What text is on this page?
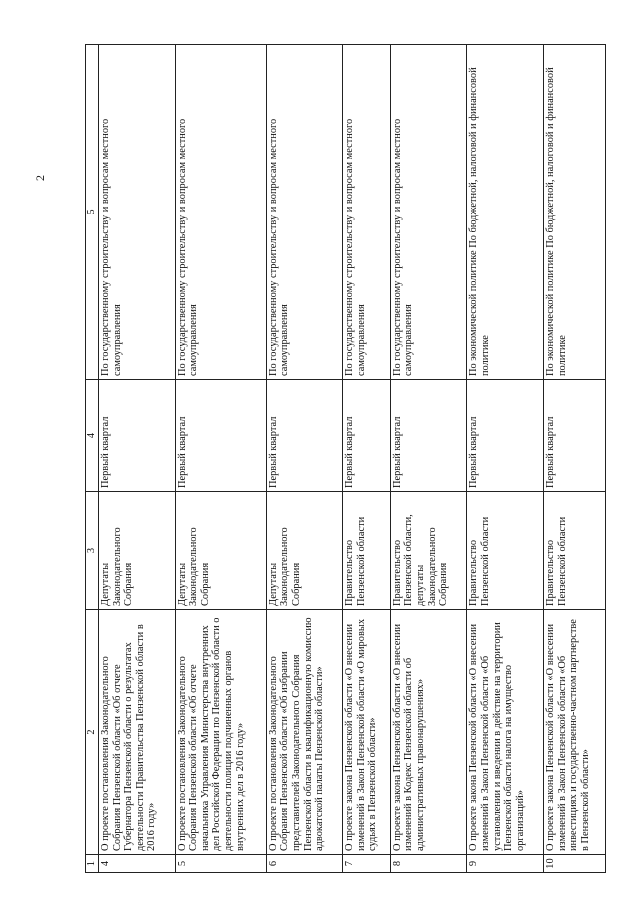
2
1	2	3	4	5
4	О проекте постановления Законодательного Собрания Пензенской области «Об отчете Губернатора Пензенской области о результатах деятельности Правительства Пензенской области в 2016 году»	Депутаты Законодательного Собрания	Первый квартал	По государственному строительству и вопросам местного самоуправления
5	О проекте постановления Законодательного Собрания Пензенской области «Об отчете начальника Управления Министерства внутренних дел Российской Федерации по Пензенской области о деятельности полиции подчиненных органов внутренних дел в 2016 году»	Депутаты Законодательного Собрания	Первый квартал	По государственному строительству и вопросам местного самоуправления
6	О проекте постановления Законодательного Собрания Пензенской области «Об избрании представителей Законодательного Собрания Пензенской области в квалификационную комиссию адвокатской палаты Пензенской области»	Депутаты Законодательного Собрания	Первый квартал	По государственному строительству и вопросам местного самоуправления
7	О проекте закона Пензенской области «О внесении изменений в Закон Пензенской области «О мировых судьях в Пензенской области»	Правительство Пензенской области	Первый квартал	По государственному строительству и вопросам местного самоуправления
8	О проекте закона Пензенской области «О внесении изменений в Кодекс Пензенской области об административных правонарушениях»	Правительство Пензенской области, депутаты Законодательного Собрания	Первый квартал	По государственному строительству и вопросам местного самоуправления
9	О проекте закона Пензенской области «О внесении изменений в Закон Пензенской области «Об установлении и введении в действие на территории Пензенской области налога на имущество организаций»	Правительство Пензенской области	Первый квартал	По экономической политике По бюджетной, налоговой и финансовой политике
10	О проекте закона Пензенской области «О внесении изменений в Закон Пензенской области «Об инвестициях и государственно-частном партнерстве в Пензенской области»	Правительство Пензенской области	Первый квартал	По экономической политике По бюджетной, налоговой и финансовой политике
